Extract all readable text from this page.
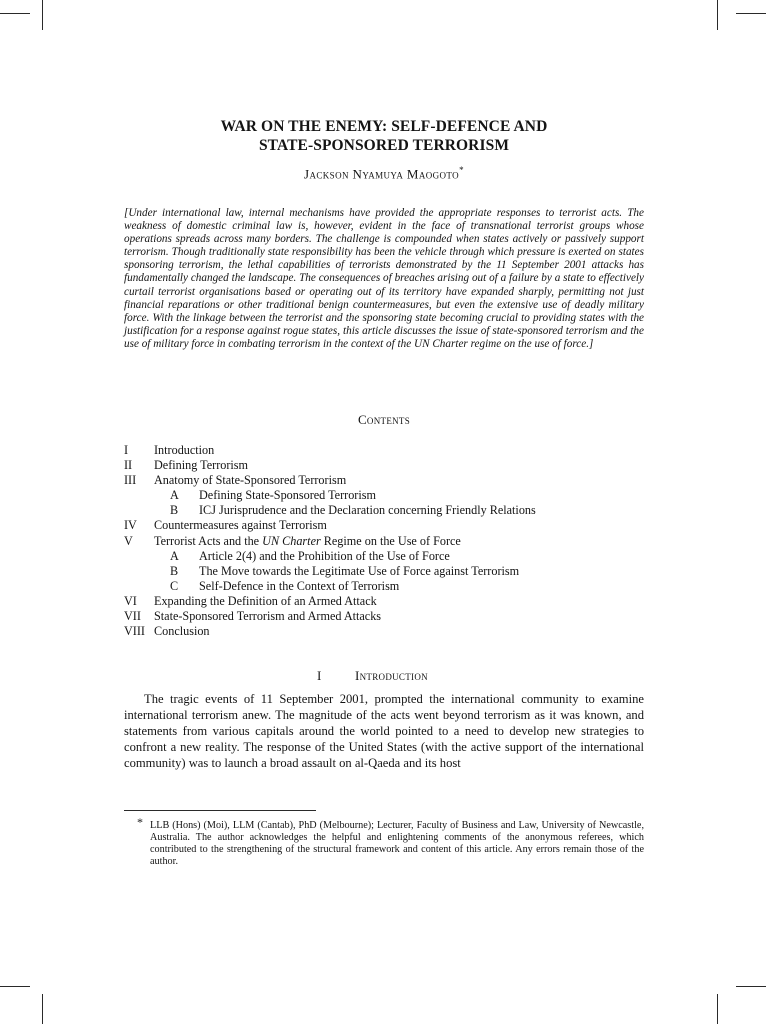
WAR ON THE ENEMY: SELF-DEFENCE AND
STATE-SPONSORED TERRORISM
Jackson Nyamuya Maogoto*
[Under international law, internal mechanisms have provided the appropriate responses to terrorist acts. The weakness of domestic criminal law is, however, evident in the face of transnational terrorist groups whose operations spreads across many borders. The challenge is compounded when states actively or passively support terrorism. Though traditionally state responsibility has been the vehicle through which pressure is exerted on states sponsoring terrorism, the lethal capabilities of terrorists demonstrated by the 11 September 2001 attacks has fundamentally changed the landscape. The consequences of breaches arising out of a failure by a state to effectively curtail terrorist organisations based or operating out of its territory have expanded sharply, permitting not just financial reparations or other traditional benign countermeasures, but even the extensive use of deadly military force. With the linkage between the terrorist and the sponsoring state becoming crucial to providing states with the justification for a response against rogue states, this article discusses the issue of state-sponsored terrorism and the use of military force in combating terrorism in the context of the UN Charter regime on the use of force.]
Contents
I Introduction
II Defining Terrorism
III Anatomy of State-Sponsored Terrorism
A Defining State-Sponsored Terrorism
B ICJ Jurisprudence and the Declaration concerning Friendly Relations
IV Countermeasures against Terrorism
V Terrorist Acts and the UN Charter Regime on the Use of Force
A Article 2(4) and the Prohibition of the Use of Force
B The Move towards the Legitimate Use of Force against Terrorism
C Self-Defence in the Context of Terrorism
VI Expanding the Definition of an Armed Attack
VII State-Sponsored Terrorism and Armed Attacks
VIII Conclusion
I	Introduction

The tragic events of 11 September 2001, prompted the international community to examine international terrorism anew. The magnitude of the acts went beyond terrorism as it was known, and statements from various capitals around the world pointed to a need to develop new strategies to confront a new reality. The response of the United States (with the active support of the international community) was to launch a broad assault on al-Qaeda and its host

* LLB (Hons) (Moi), LLM (Cantab), PhD (Melbourne); Lecturer, Faculty of Business and Law, University of Newcastle, Australia. The author acknowledges the helpful and enlightening comments of the anonymous referees, which contributed to the strengthening of the structural framework and content of this article. Any errors remain those of the author.
